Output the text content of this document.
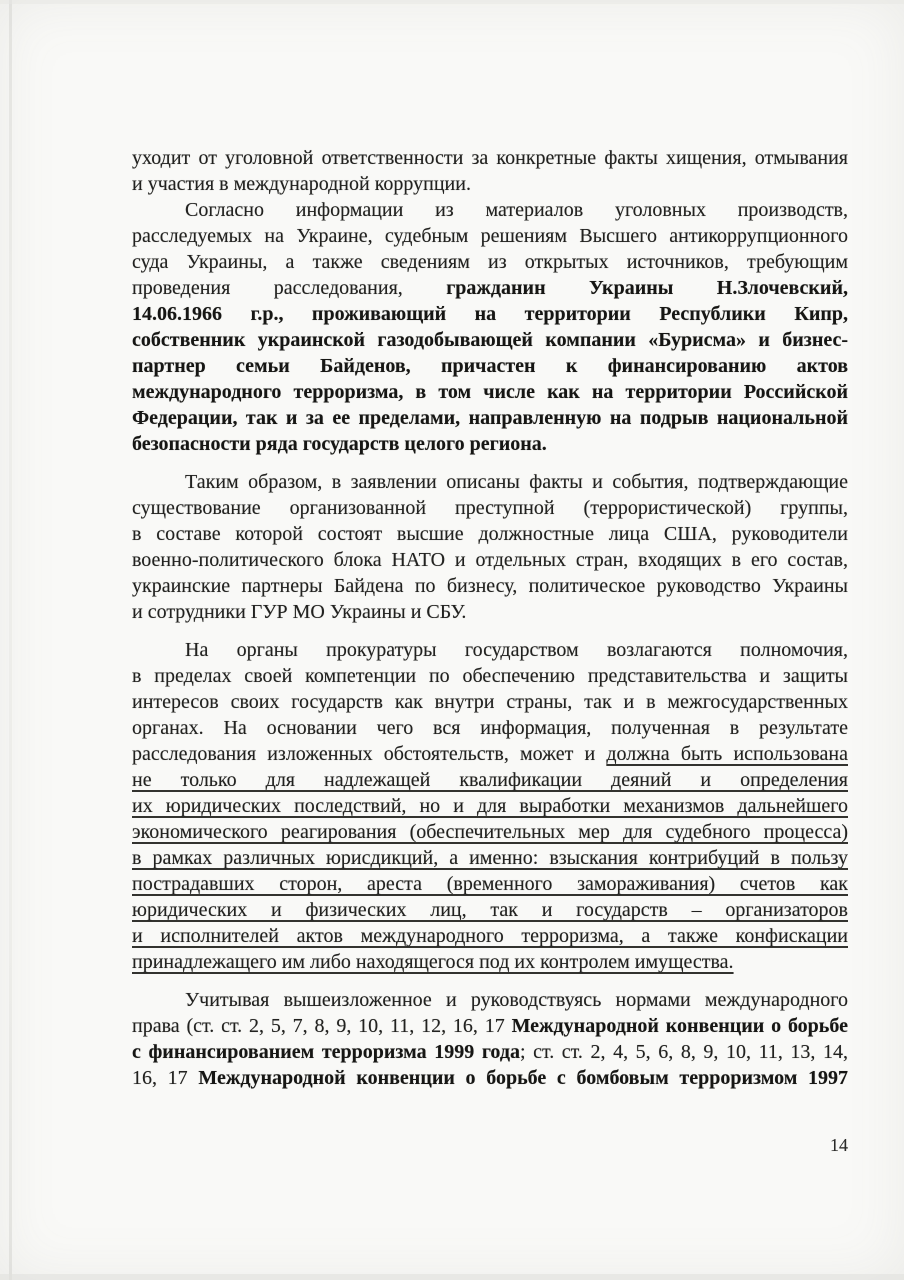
уходит от уголовной ответственности за конкретные факты хищения, отмывания
и участия в международной коррупции.
Согласно информации из материалов уголовных производств,
расследуемых на Украине, судебным решениям Высшего антикоррупционного
суда Украины, а также сведениям из открытых источников, требующим
проведения расследования, гражданин Украины Н.Злочевский,
14.06.1966 г.р., проживающий на территории Республики Кипр,
собственник украинской газодобывающей компании «Бурисма» и бизнес-
партнер семьи Байденов, причастен к финансированию актов
международного терроризма, в том числе как на территории Российской
Федерации, так и за ее пределами, направленную на подрыв национальной
безопасности ряда государств целого региона.
Таким образом, в заявлении описаны факты и события, подтверждающие
существование организованной преступной (террористической) группы,
в составе которой состоят высшие должностные лица США, руководители
военно-политического блока НАТО и отдельных стран, входящих в его состав,
украинские партнеры Байдена по бизнесу, политическое руководство Украины
и сотрудники ГУР МО Украины и СБУ.
На органы прокуратуры государством возлагаются полномочия,
в пределах своей компетенции по обеспечению представительства и защиты
интересов своих государств как внутри страны, так и в межгосударственных
органах. На основании чего вся информация, полученная в результате
расследования изложенных обстоятельств, может и должна быть использована
не только для надлежащей квалификации деяний и определения
их юридических последствий, но и для выработки механизмов дальнейшего
экономического реагирования (обеспечительных мер для судебного процесса)
в рамках различных юрисдикций, а именно: взыскания контрибуций в пользу
пострадавших сторон, ареста (временного замораживания) счетов как
юридических и физических лиц, так и государств – организаторов
и исполнителей актов международного терроризма, а также конфискации
принадлежащего им либо находящегося под их контролем имущества.
Учитывая вышеизложенное и руководствуясь нормами международного
права (ст. ст. 2, 5, 7, 8, 9, 10, 11, 12, 16, 17 Международной конвенции о борьбе
с финансированием терроризма 1999 года; ст. ст. 2, 4, 5, 6, 8, 9, 10, 11, 13, 14,
16, 17 Международной конвенции о борьбе с бомбовым терроризмом 1997
14
